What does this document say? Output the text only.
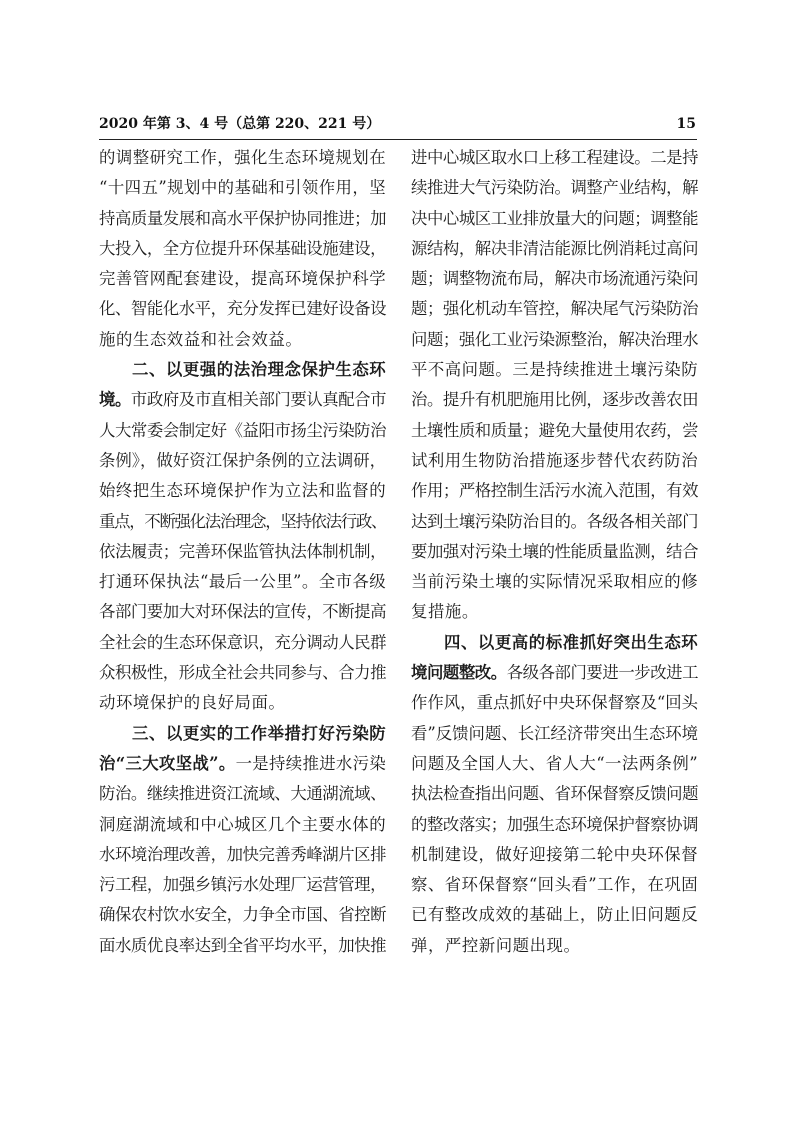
2020 年第 3、4 号（总第 220、221 号）	15
的调整研究工作，强化生态环境规划在
“十四五”规划中的基础和引领作用，坚
持高质量发展和高水平保护协同推进；加
大投入，全方位提升环保基础设施建设，
完善管网配套建设，提高环境保护科学
化、智能化水平，充分发挥已建好设备设
施的生态效益和社会效益。
二、以更强的法治理念保护生态环
境。市政府及市直相关部门要认真配合市
人大常委会制定好《益阳市扬尘污染防治
条例》，做好资江保护条例的立法调研，
始终把生态环境保护作为立法和监督的
重点，不断强化法治理念，坚持依法行政、
依法履责；完善环保监管执法体制机制，
打通环保执法“最后一公里”。全市各级
各部门要加大对环保法的宣传，不断提高
全社会的生态环保意识，充分调动人民群
众积极性，形成全社会共同参与、合力推
动环境保护的良好局面。
三、以更实的工作举措打好污染防
治“三大攻坚战”。一是持续推进水污染
防治。继续推进资江流域、大通湖流域、
洞庭湖流域和中心城区几个主要水体的
水环境治理改善，加快完善秀峰湖片区排
污工程，加强乡镇污水处理厂运营管理，
确保农村饮水安全，力争全市国、省控断
面水质优良率达到全省平均水平，加快推
进中心城区取水口上移工程建设。二是持
续推进大气污染防治。调整产业结构，解
决中心城区工业排放量大的问题；调整能
源结构，解决非清洁能源比例消耗过高问
题；调整物流布局，解决市场流通污染问
题；强化机动车管控，解决尾气污染防治
问题；强化工业污染源整治，解决治理水
平不高问题。三是持续推进土壤污染防
治。提升有机肥施用比例，逐步改善农田
土壤性质和质量；避免大量使用农药，尝
试利用生物防治措施逐步替代农药防治
作用；严格控制生活污水流入范围，有效
达到土壤污染防治目的。各级各相关部门
要加强对污染土壤的性能质量监测，结合
当前污染土壤的实际情况采取相应的修
复措施。
四、以更高的标准抓好突出生态环
境问题整改。各级各部门要进一步改进工
作作风，重点抓好中央环保督察及“回头
看”反馈问题、长江经济带突出生态环境
问题及全国人大、省人大“一法两条例”
执法检查指出问题、省环保督察反馈问题
的整改落实；加强生态环境保护督察协调
机制建设，做好迎接第二轮中央环保督
察、省环保督察“回头看”工作，在巩固
已有整改成效的基础上，防止旧问题反
弹，严控新问题出现。
